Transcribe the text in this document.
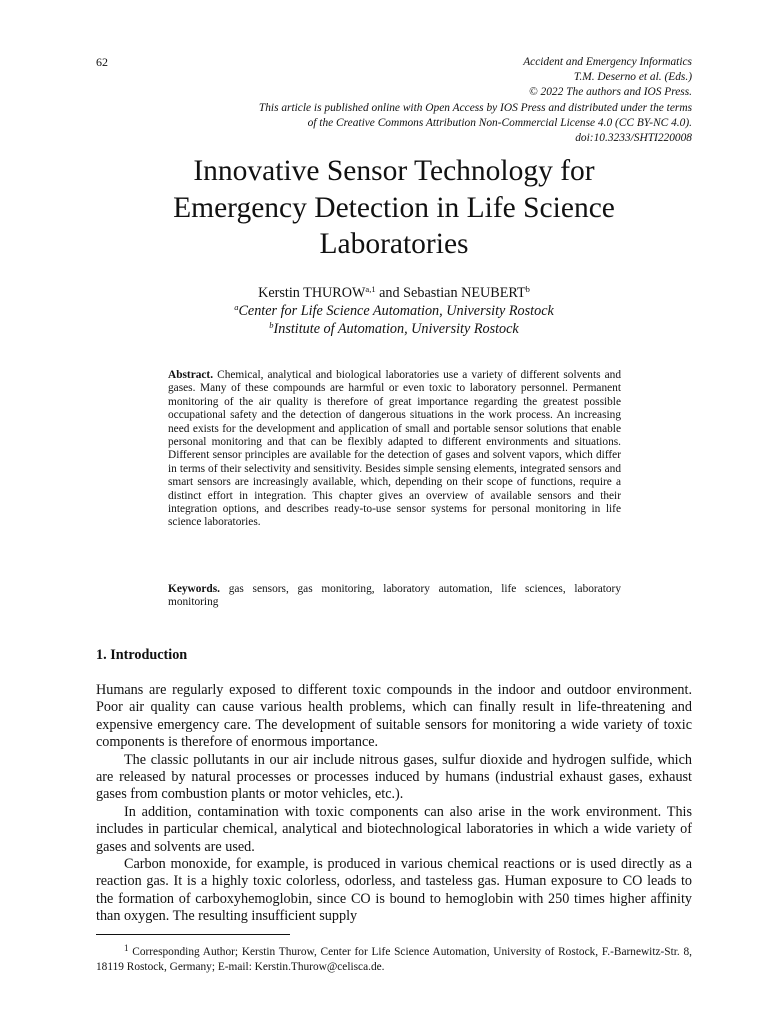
62	Accident and Emergency Informatics
T.M. Deserno et al. (Eds.)
© 2022 The authors and IOS Press.
This article is published online with Open Access by IOS Press and distributed under the terms
of the Creative Commons Attribution Non-Commercial License 4.0 (CC BY-NC 4.0).
doi:10.3233/SHTI220008
Innovative Sensor Technology for
Emergency Detection in Life Science
Laboratories
Kerstin THUROW$^{a,1}$ and Sebastian NEUBERT$^b$
$^a$Center for Life Science Automation, University Rostock
$^b$Institute of Automation, University Rostock

Abstract. Chemical, analytical and biological laboratories use a variety of different solvents and gases. Many of these compounds are harmful or even toxic to laboratory personnel. Permanent monitoring of the air quality is therefore of great importance regarding the greatest possible occupational safety and the detection of dangerous situations in the work process. An increasing need exists for the development and application of small and portable sensor solutions that enable personal monitoring and that can be flexibly adapted to different environments and situations. Different sensor principles are available for the detection of gases and solvent vapors, which differ in terms of their selectivity and sensitivity. Besides simple sensing elements, integrated sensors and smart sensors are increasingly available, which, depending on their scope of functions, require a distinct effort in integration. This chapter gives an overview of available sensors and their integration options, and describes ready-to-use sensor systems for personal monitoring in life science laboratories.

Keywords. gas sensors, gas monitoring, laboratory automation, life sciences, laboratory monitoring

1. Introduction

Humans are regularly exposed to different toxic compounds in the indoor and outdoor environment. Poor air quality can cause various health problems, which can finally result in life-threatening and expensive emergency care. The development of suitable sensors for monitoring a wide variety of toxic components is therefore of enormous importance.

The classic pollutants in our air include nitrous gases, sulfur dioxide and hydrogen sulfide, which are released by natural processes or processes induced by humans (industrial exhaust gases, exhaust gases from combustion plants or motor vehicles, etc.).

In addition, contamination with toxic components can also arise in the work environment. This includes in particular chemical, analytical and biotechnological laboratories in which a wide variety of gases and solvents are used.

Carbon monoxide, for example, is produced in various chemical reactions or is used directly as a reaction gas. It is a highly toxic colorless, odorless, and tasteless gas. Human exposure to CO leads to the formation of carboxyhemoglobin, since CO is bound to hemoglobin with 250 times higher affinity than oxygen. The resulting insufficient supply

$^1$ Corresponding Author; Kerstin Thurow, Center for Life Science Automation, University of Rostock, F.-Barnewitz-Str. 8, 18119 Rostock, Germany; E-mail: Kerstin.Thurow@celisca.de.
